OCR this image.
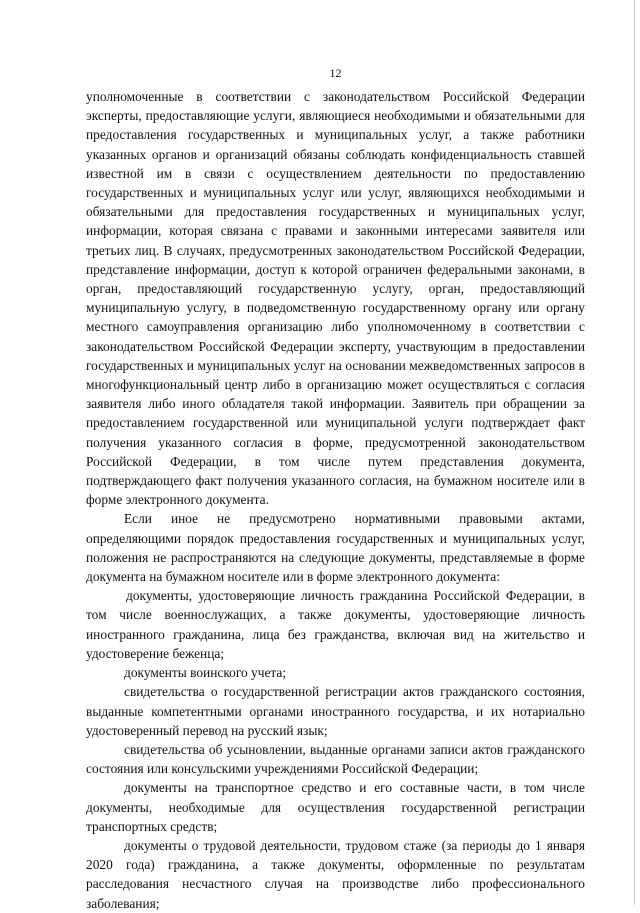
12

уполномоченные в соответствии с законодательством Российской Федерации эксперты, предоставляющие услуги, являющиеся необходимыми и обязательными для предоставления государственных и муниципальных услуг, а также работники указанных органов и организаций обязаны соблюдать конфиденциальность ставшей известной им в связи с осуществлением деятельности по предоставлению государственных и муниципальных услуг или услуг, являющихся необходимыми и обязательными для предоставления государственных и муниципальных услуг, информации, которая связана с правами и законными интересами заявителя или третьих лиц. В случаях, предусмотренных законодательством Российской Федерации, представление информации, доступ к которой ограничен федеральными законами, в орган, предоставляющий государственную услугу, орган, предоставляющий муниципальную услугу, в подведомственную государственному органу или органу местного самоуправления организацию либо уполномоченному в соответствии с законодательством Российской Федерации эксперту, участвующим в предоставлении государственных и муниципальных услуг на основании межведомственных запросов в многофункциональный центр либо в организацию может осуществляться с согласия заявителя либо иного обладателя такой информации. Заявитель при обращении за предоставлением государственной или муниципальной услуги подтверждает факт получения указанного согласия в форме, предусмотренной законодательством Российской Федерации, в том числе путем представления документа, подтверждающего факт получения указанного согласия, на бумажном носителе или в форме электронного документа.

Если иное не предусмотрено нормативными правовыми актами, определяющими порядок предоставления государственных и муниципальных услуг, положения не распространяются на следующие документы, представляемые в форме документа на бумажном носителе или в форме электронного документа:

документы, удостоверяющие личность гражданина Российской Федерации, в том числе военнослужащих, а также документы, удостоверяющие личность иностранного гражданина, лица без гражданства, включая вид на жительство и удостоверение беженца;

документы воинского учета;

свидетельства о государственной регистрации актов гражданского состояния, выданные компетентными органами иностранного государства, и их нотариально удостоверенный перевод на русский язык;

свидетельства об усыновлении, выданные органами записи актов гражданского состояния или консульскими учреждениями Российской Федерации;

документы на транспортное средство и его составные части, в том числе документы, необходимые для осуществления государственной регистрации транспортных средств;

документы о трудовой деятельности, трудовом стаже (за периоды до 1 января 2020 года) гражданина, а также документы, оформленные по результатам расследования несчастного случая на производстве либо профессионального заболевания;
